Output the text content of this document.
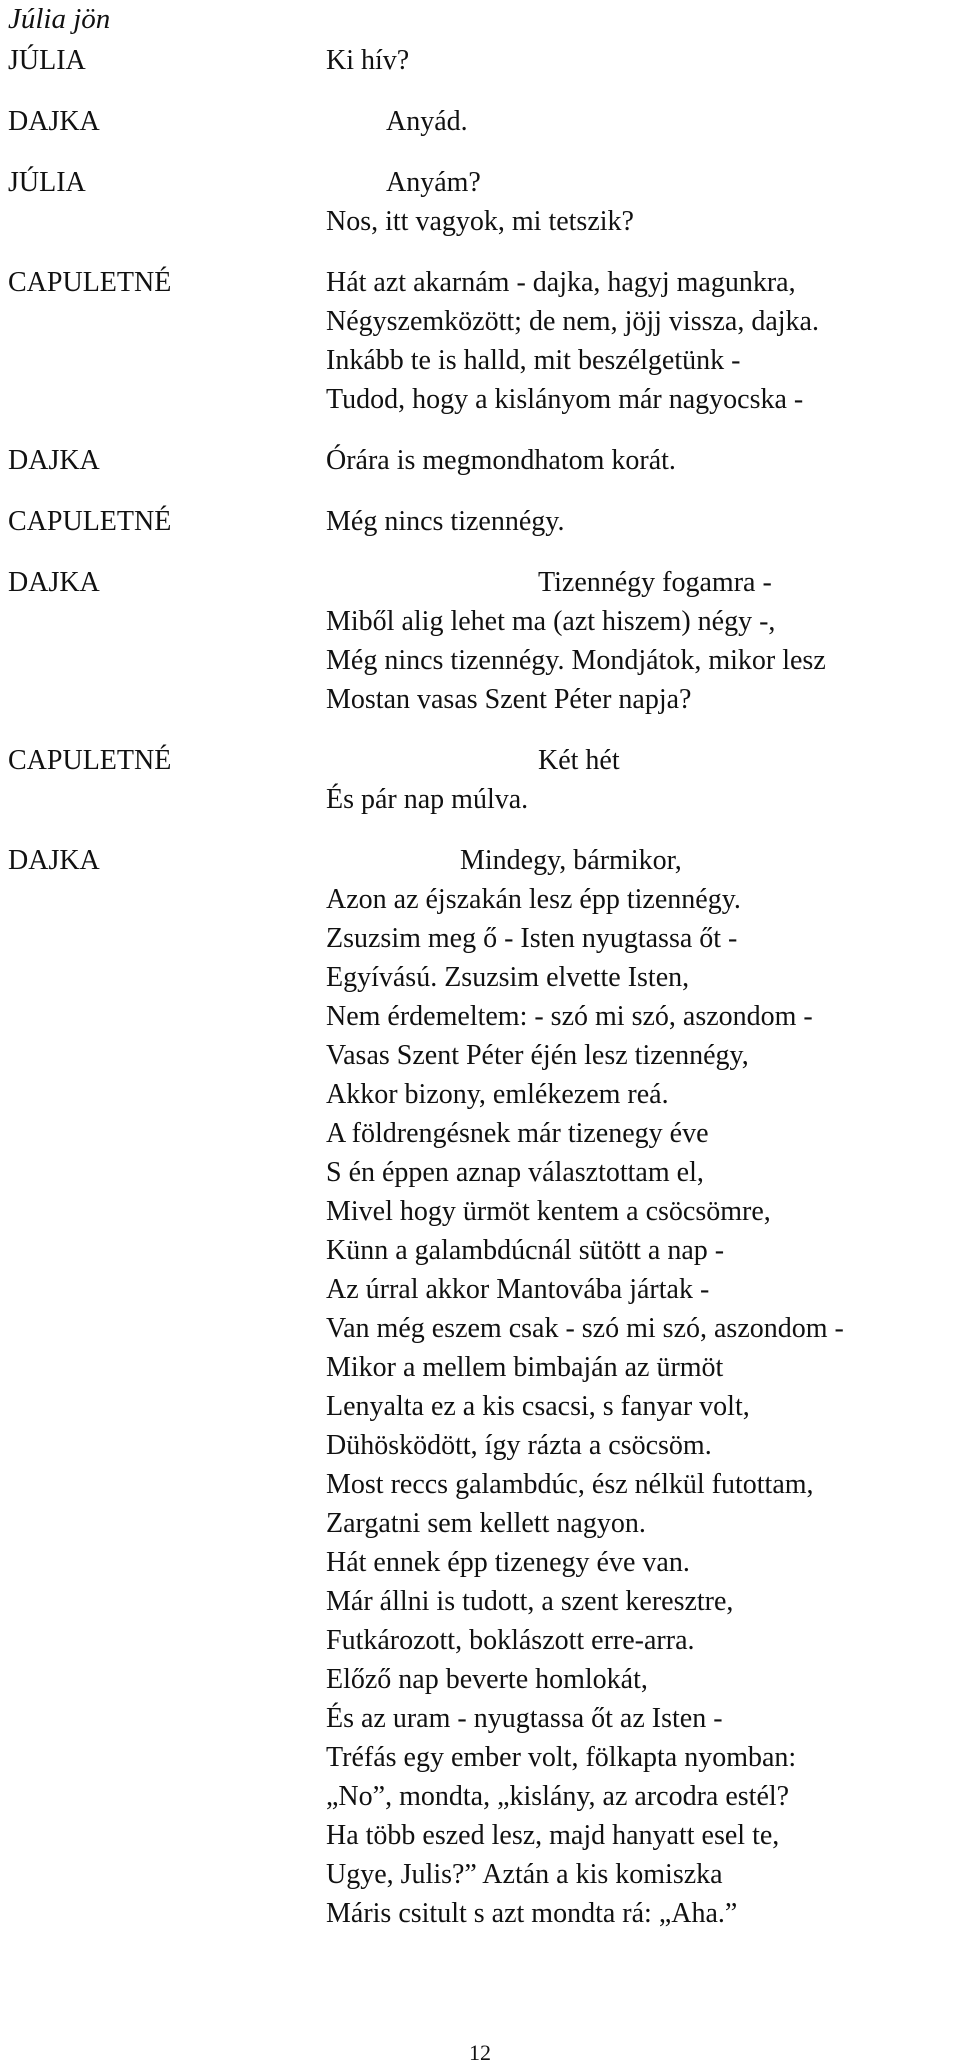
Júlia jön
JÚLIA	Ki hív?
DAJKA	Anyád.
JÚLIA	Anyám?
Nos, itt vagyok, mi tetszik?
CAPULETNÉ	Hát azt akarnám - dajka, hagyj magunkra,
Négyszemközött; de nem, jöjj vissza, dajka.
Inkább te is halld, mit beszélgetünk -
Tudod, hogy a kislányom már nagyocska -
DAJKA	Órára is megmondhatom korát.
CAPULETNÉ	Még nincs tizennégy.
DAJKA	Tizennégy fogamra -
Miből alig lehet ma (azt hiszem) négy -,
Még nincs tizennégy. Mondjátok, mikor lesz
Mostan vasas Szent Péter napja?
CAPULETNÉ	Két hét
És pár nap múlva.
DAJKA	Mindegy, bármikor,
Azon az éjszakán lesz épp tizennégy.
Zsuzsim meg ő - Isten nyugtassa őt -
Egyívású. Zsuzsim elvette Isten,
Nem érdemeltem: - szó mi szó, aszondom -
Vasas Szent Péter éjén lesz tizennégy,
Akkor bizony, emlékezem reá.
A földrengésnek már tizenegy éve
S én éppen aznap választottam el,
Mivel hogy ürmöt kentem a csöcsömre,
Künn a galambdúcnál sütött a nap -
Az úrral akkor Mantovába jártak -
Van még eszem csak - szó mi szó, aszondom -
Mikor a mellem bimbaján az ürmöt
Lenyalta ez a kis csacsi, s fanyar volt,
Dühösködött, így rázta a csöcsöm.
Most reccs galambdúc, ész nélkül futottam,
Zargatni sem kellett nagyon.
Hát ennek épp tizenegy éve van.
Már állni is tudott, a szent keresztre,
Futkározott, boklászott erre-arra.
Előző nap beverte homlokát,
És az uram - nyugtassa őt az Isten -
Tréfás egy ember volt, fölkapta nyomban:
„No”, mondta, „kislány, az arcodra estél?
Ha több eszed lesz, majd hanyatt esel te,
Ugye, Julis?” Aztán a kis komiszka
Máris csitult s azt mondta rá: „Aha.”
12
